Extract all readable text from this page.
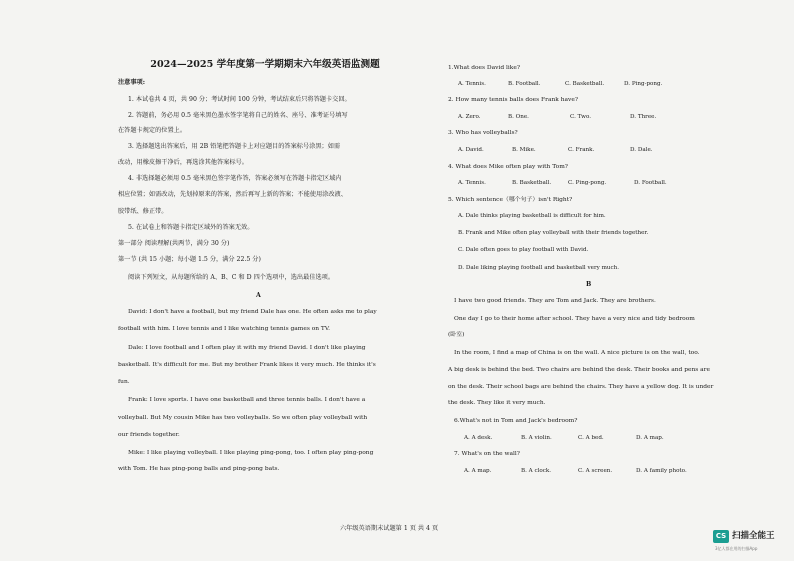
2024—2025 学年度第一学期期末六年级英语监测题
注意事项:
1. 本试卷共 4 页，共 90 分；考试时间 100 分钟，考试结束后只将答题卡交回。
2. 答题前，务必用 0.5 毫米黑色墨水签字笔将自己的姓名、座号、准考证号填写
在答题卡规定的位置上。
3. 选择题选出答案后，用 2B 铅笔把答题卡上对应题目的答案标号涂黑；如需
改动，用橡皮擦干净后，再选涂其他答案标号。
4. 非选择题必须用 0.5 毫米黑色签字笔作答，答案必须写在答题卡指定区域内
相应位置；如需改动，先划掉原来的答案，然后再写上新的答案；不能使用涂改液、
胶带纸、修正带。
5. 在试卷上和答题卡指定区域外的答案无效。
第一部分 阅读理解(共两节，满分 30 分)
第一节 (共 15 小题；每小题 1.5 分，满分 22.5 分)
阅读下列短文，从每题所给的 A、B、C 和 D 四个选项中，选出最佳选项。
A
David: I don't have a football, but my friend Dale has one. He often asks me to play
football with him. I love tennis and I like watching tennis games on TV.
Dale: I love football and I often play it with my friend David. I don't like playing
basketball. It's difficult for me. But my brother Frank likes it very much. He thinks it's
fun.
Frank: I love sports. I have one basketball and three tennis balls. I don't have a
volleyball. But My cousin Mike has two volleyballs. So we often play volleyball with
our friends together.
Mike: I like playing volleyball. I like playing ping-pong, too. I often play ping-pong
with Tom. He has ping-pong balls and ping-pong bats.
1.What does David like?
A. Tennis.	B. Football.	C. Basketball.	D. Ping-pong.
2. How many tennis balls does Frank have?
A. Zero.	B. One.	C. Two.	D. Three.
3. Who has volleyballs?
A. David.	B. Mike.	C. Frank.	D. Dale.
4. What does Mike often play with Tom?
A. Tennis.	B. Basketball.	C. Ping-pong.	D. Football.
5. Which sentence（哪个句子）isn't Right?
A. Dale thinks playing basketball is difficult for him.
B. Frank and Mike often play volleyball with their friends together.
C. Dale often goes to play football with David.
D. Dale liking playing football and basketball very much.
B
I have two good friends. They are Tom and Jack. They are brothers.
One day I go to their home after school. They have a very nice and tidy bedroom
(卧室)
In the room, I find a map of China is on the wall. A nice picture is on the wall, too.
A big desk is behind the bed. Two chairs are behind the desk. Their books and pens are
on the desk. Their school bags are behind the chairs. They have a yellow dog. It is under
the desk. They like it very much.
6.What's not in Tom and Jack's bedroom?
A. A desk.	B. A violin.	C. A bed.	D. A map.
7. What's on the wall?
A. A map.	B. A clock.	C. A screen.	D. A family photo.
六年级英语期末试题第 1 页 共 4 页
CS 扫描全能王
3亿人都在用的扫描App
